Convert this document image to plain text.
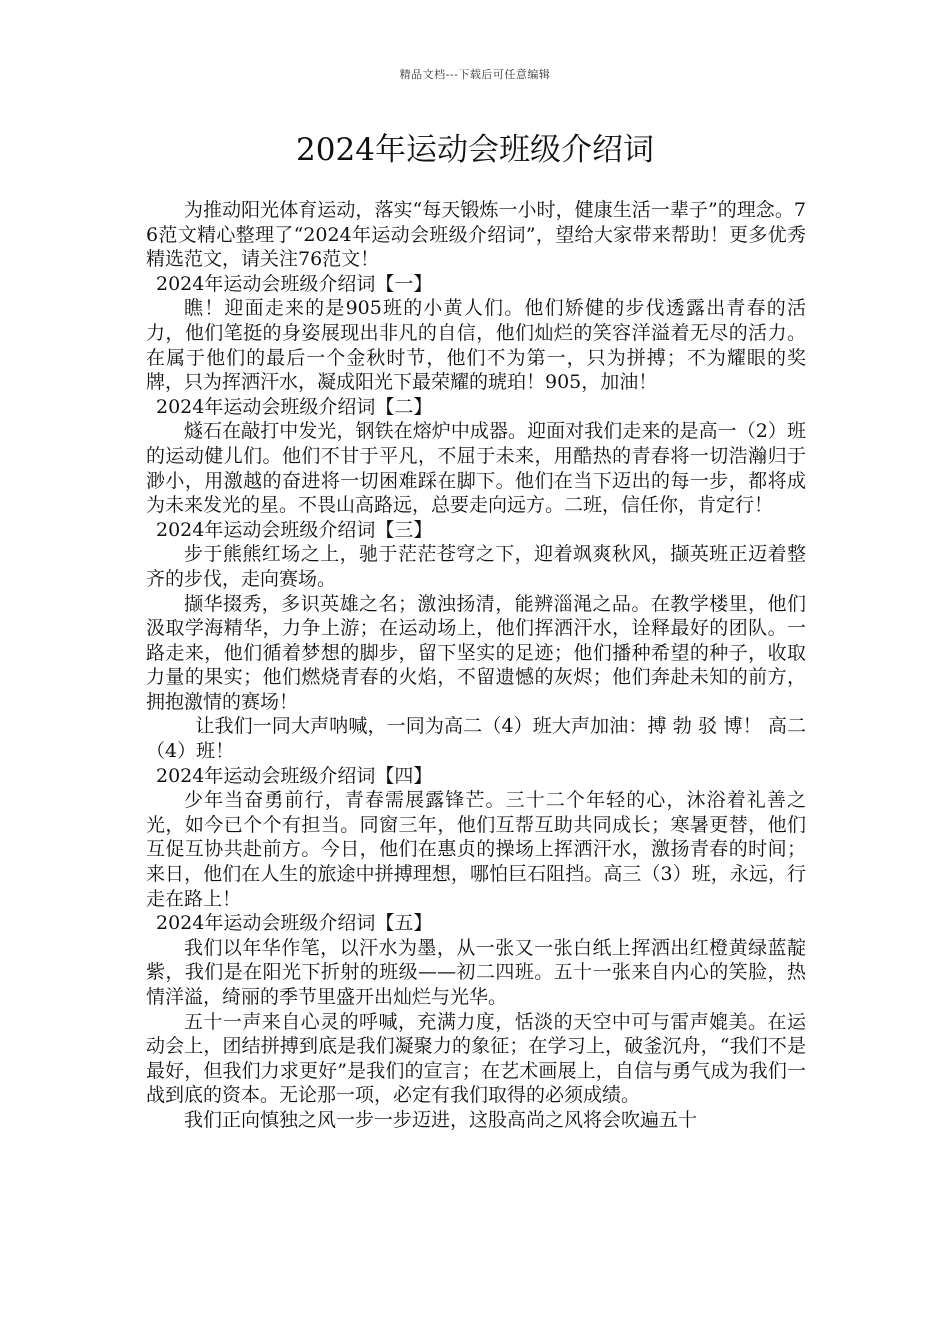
精品文档---下载后可任意编辑
2024年运动会班级介绍词

为推动阳光体育运动，落实“每天锻炼一小时，健康生活一辈子”的理念。76范文精心整理了“2024年运动会班级介绍词”，望给大家带来帮助！更多优秀精选范文，请关注76范文！

2024年运动会班级介绍词【一】

瞧！迎面走来的是905班的小黄人们。他们矫健的步伐透露出青春的活力，他们笔挺的身姿展现出非凡的自信，他们灿烂的笑容洋溢着无尽的活力。在属于他们的最后一个金秋时节，他们不为第一，只为拼搏；不为耀眼的奖牌，只为挥洒汗水，凝成阳光下最荣耀的琥珀！905，加油！

2024年运动会班级介绍词【二】

燧石在敲打中发光，钢铁在熔炉中成器。迎面对我们走来的是高一（2）班的运动健儿们。他们不甘于平凡，不屈于未来，用酷热的青春将一切浩瀚归于渺小，用激越的奋进将一切困难踩在脚下。他们在当下迈出的每一步，都将成为未来发光的星。不畏山高路远，总要走向远方。二班，信任你，肯定行！

2024年运动会班级介绍词【三】

步于熊熊红场之上，驰于茫茫苍穹之下，迎着飒爽秋风，撷英班正迈着整齐的步伐，走向赛场。

撷华掇秀，多识英雄之名；激浊扬清，能辨淄渑之品。在教学楼里，他们汲取学海精华，力争上游；在运动场上，他们挥洒汗水，诠释最好的团队。一路走来，他们循着梦想的脚步，留下坚实的足迹；他们播种希望的种子，收取力量的果实；他们燃烧青春的火焰，不留遗憾的灰烬；他们奔赴未知的前方，拥抱激情的赛场！

让我们一同大声呐喊，一同为高二（4）班大声加油：搏 勃 驳 博！ 高二（4）班！

2024年运动会班级介绍词【四】

少年当奋勇前行，青春需展露锋芒。三十二个年轻的心，沐浴着礼善之光，如今已个个有担当。同窗三年，他们互帮互助共同成长；寒暑更替，他们互促互协共赴前方。今日，他们在惠贞的操场上挥洒汗水，激扬青春的时间；来日，他们在人生的旅途中拼搏理想，哪怕巨石阻挡。高三（3）班，永远，行走在路上！

2024年运动会班级介绍词【五】

我们以年华作笔，以汗水为墨，从一张又一张白纸上挥洒出红橙黄绿蓝靛紫，我们是在阳光下折射的班级——初二四班。五十一张来自内心的笑脸，热情洋溢，绮丽的季节里盛开出灿烂与光华。

五十一声来自心灵的呼喊，充满力度，恬淡的天空中可与雷声媲美。在运动会上，团结拼搏到底是我们凝聚力的象征；在学习上，破釜沉舟，“我们不是最好，但我们力求更好”是我们的宣言；在艺术画展上，自信与勇气成为我们一战到底的资本。无论那一项，必定有我们取得的必须成绩。

我们正向慎独之风一步一步迈进，这股高尚之风将会吹遍五十
